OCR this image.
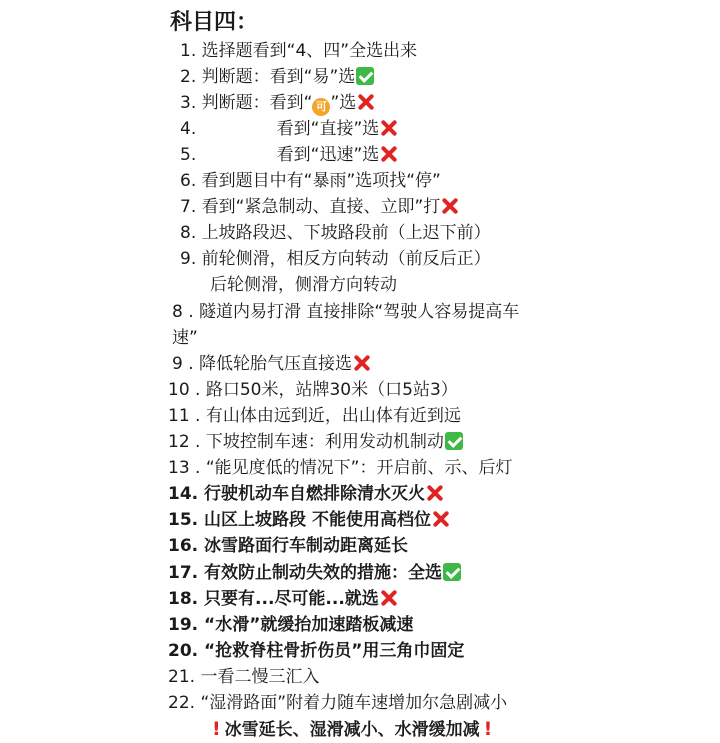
科目四：
1. 选择题看到“4、四”全选出来
2. 判断题：看到“易”选
3. 判断题：看到“ 可 ”选
4.	看到“直接”选
5.	看到“迅速”选
6. 看到题目中有“暴雨”选项找“停”
7. 看到“紧急制动、直接、立即”打
8. 上坡路段迟、下坡路段前（上迟下前）
9. 前轮侧滑，相反方向转动（前反后正）
后轮侧滑，侧滑方向转动
8 . 隧道内易打滑 直接排除“驾驶人容易提高车
速”
9 . 降低轮胎气压直接选
10 . 路口50米，站牌30米（口5站3）
11 . 有山体由远到近，出山体有近到远
12 . 下坡控制车速：利用发动机制动
13 . “能见度低的情况下”：开启前、示、后灯
14. 行驶机动车自燃排除清水灭火
15. 山区上坡路段 不能使用高档位
16. 冰雪路面行车制动距离延长
17. 有效防止制动失效的措施：全选
18. 只要有...尽可能...就选
19. “水滑”就缓抬加速踏板减速
20. “抢救脊柱骨折伤员”用三角巾固定
21. 一看二慢三汇入
22. “湿滑路面”附着力随车速增加尔急剧减小
! 冰雪延长、湿滑减小、水滑缓加减 !
